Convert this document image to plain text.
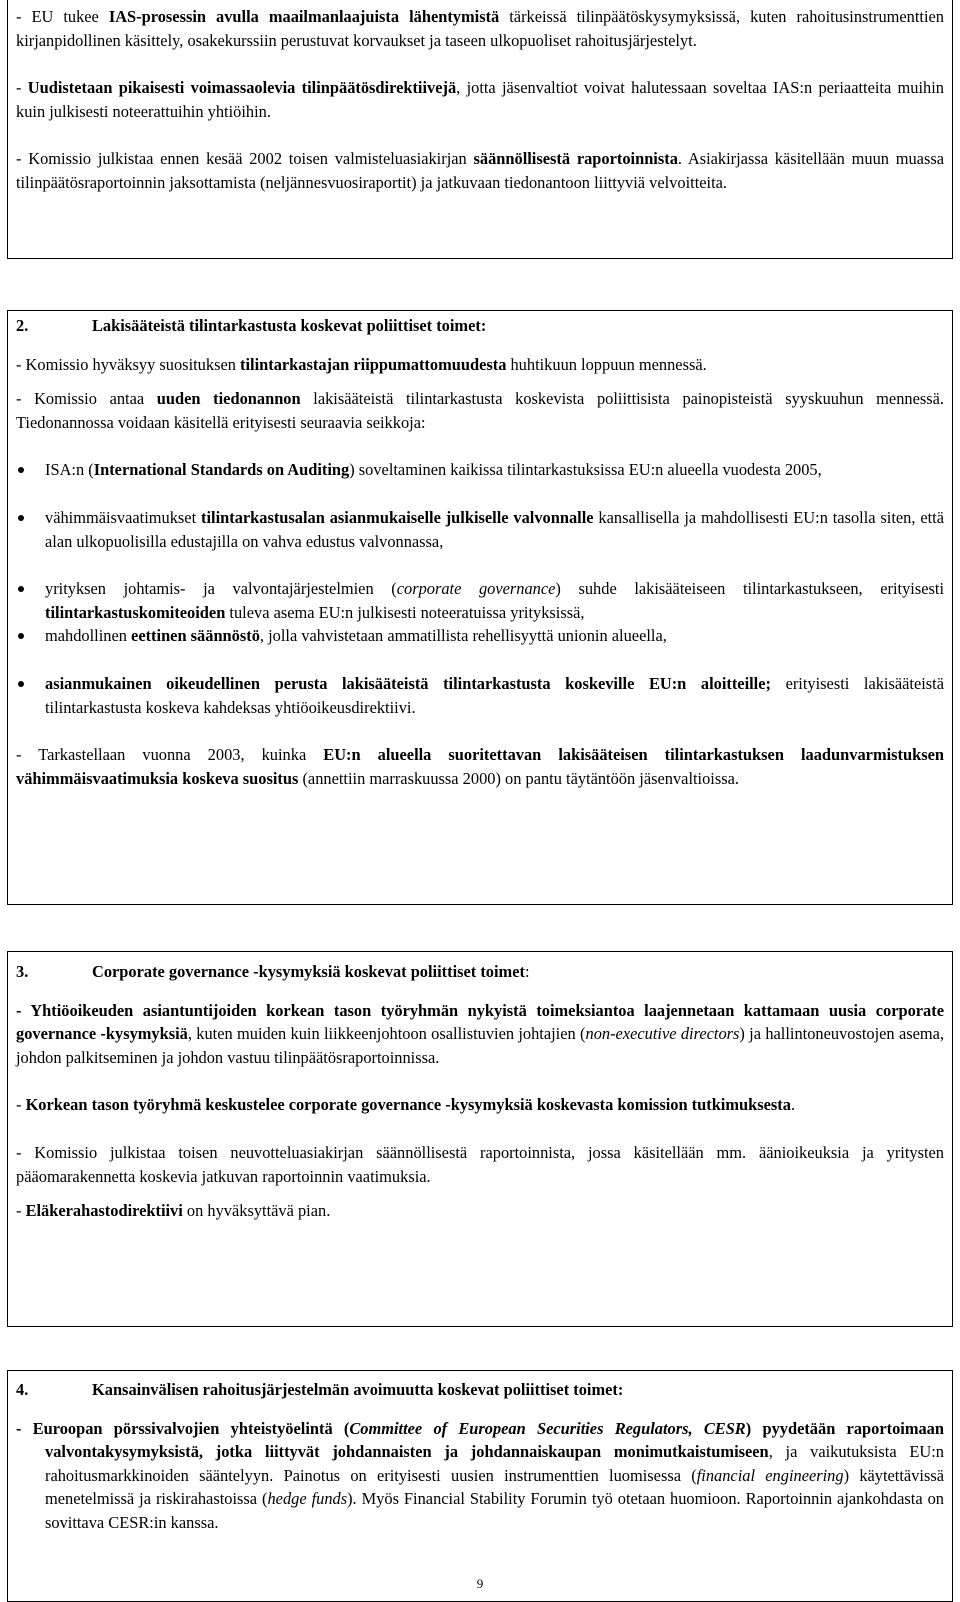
- EU tukee IAS-prosessin avulla maailmanlaajuista lähentymistä tärkeissä tilinpäätöskysymyksissä, kuten rahoitusinstrumenttien kirjanpidollinen käsittely, osakekurssiin perustuvat korvaukset ja taseen ulkopuoliset rahoitusjärjestelyt.

- Uudistetaan pikaisesti voimassaolevia tilinpäätösdirektiivejä, jotta jäsenvaltiot voivat halutessaan soveltaa IAS:n periaatteita muihin kuin julkisesti noteerattuihin yhtiöihin.

- Komissio julkistaa ennen kesää 2002 toisen valmisteluasiakirjan säännöllisestä raportoinnista. Asiakirjassa käsitellään muun muassa tilinpäätösraportoinnin jaksottamista (neljännesvuosiraportit) ja jatkuvaan tiedonantoon liittyviä velvoitteita.

2.	Lakisääteistä tilintarkastusta koskevat poliittiset toimet:

- Komissio hyväksyy suosituksen tilintarkastajan riippumattomuudesta huhtikuun loppuun mennessä.

- Komissio antaa uuden tiedonannon lakisääteistä tilintarkastusta koskevista poliittisista painopisteistä syyskuuhun mennessä. Tiedonannossa voidaan käsitellä erityisesti seuraavia seikkoja:

ISA:n (International Standards on Auditing) soveltaminen kaikissa tilintarkastuksissa EU:n alueella vuodesta 2005,
vähimmäisvaatimukset tilintarkastusalan asianmukaiselle julkiselle valvonnalle kansallisella ja mahdollisesti EU:n tasolla siten, että alan ulkopuolisilla edustajilla on vahva edustus valvonnassa,
yrityksen johtamis- ja valvontajärjestelmien (corporate governance) suhde lakisääteiseen tilintarkastukseen, erityisesti tilintarkastuskomiteoiden tuleva asema EU:n julkisesti noteeratuissa yrityksissä,
mahdollinen eettinen säännöstö, jolla vahvistetaan ammatillista rehellisyyttä unionin alueella,
asianmukainen oikeudellinen perusta lakisääteistä tilintarkastusta koskeville EU:n aloitteille; erityisesti lakisääteistä tilintarkastusta koskeva kahdeksas yhtiöoikeusdirektiivi.

- Tarkastellaan vuonna 2003, kuinka EU:n alueella suoritettavan lakisääteisen tilintarkastuksen laadunvarmistuksen vähimmäisvaatimuksia koskeva suositus (annettiin marraskuussa 2000) on pantu täytäntöön jäsenvaltioissa.

3.	Corporate governance -kysymyksiä koskevat poliittiset toimet:

- Yhtiöoikeuden asiantuntijoiden korkean tason työryhmän nykyistä toimeksiantoa laajennetaan kattamaan uusia corporate governance -kysymyksiä, kuten muiden kuin liikkeenjohtoon osallistuvien johtajien (non-executive directors) ja hallintoneuvostojen asema, johdon palkitseminen ja johdon vastuu tilinpäätösraportoinnissa.

- Korkean tason työryhmä keskustelee corporate governance -kysymyksiä koskevasta komission tutkimuksesta.

- Komissio julkistaa toisen neuvotteluasiakirjan säännöllisestä raportoinnista, jossa käsitellään mm. äänioikeuksia ja yritysten pääomarakennetta koskevia jatkuvan raportoinnin vaatimuksia.

- Eläkerahastodirektiivi on hyväksyttävä pian.

4.	Kansainvälisen rahoitusjärjestelmän avoimuutta koskevat poliittiset toimet:

- Euroopan pörssivalvojien yhteistyöelintä (Committee of European Securities Regulators, CESR) pyydetään raportoimaan valvontakysymyksistä, jotka liittyvät johdannaisten ja johdannaiskaupan monimutkaistumiseen, ja vaikutuksista EU:n rahoitusmarkkinoiden sääntelyyn. Painotus on erityisesti uusien instrumenttien luomisessa (financial engineering) käytettävissä menetelmissä ja riskirahastoissa (hedge funds). Myös Financial Stability Forumin työ otetaan huomioon. Raportoinnin ajankohdasta on sovittava CESR:in kanssa.

9
